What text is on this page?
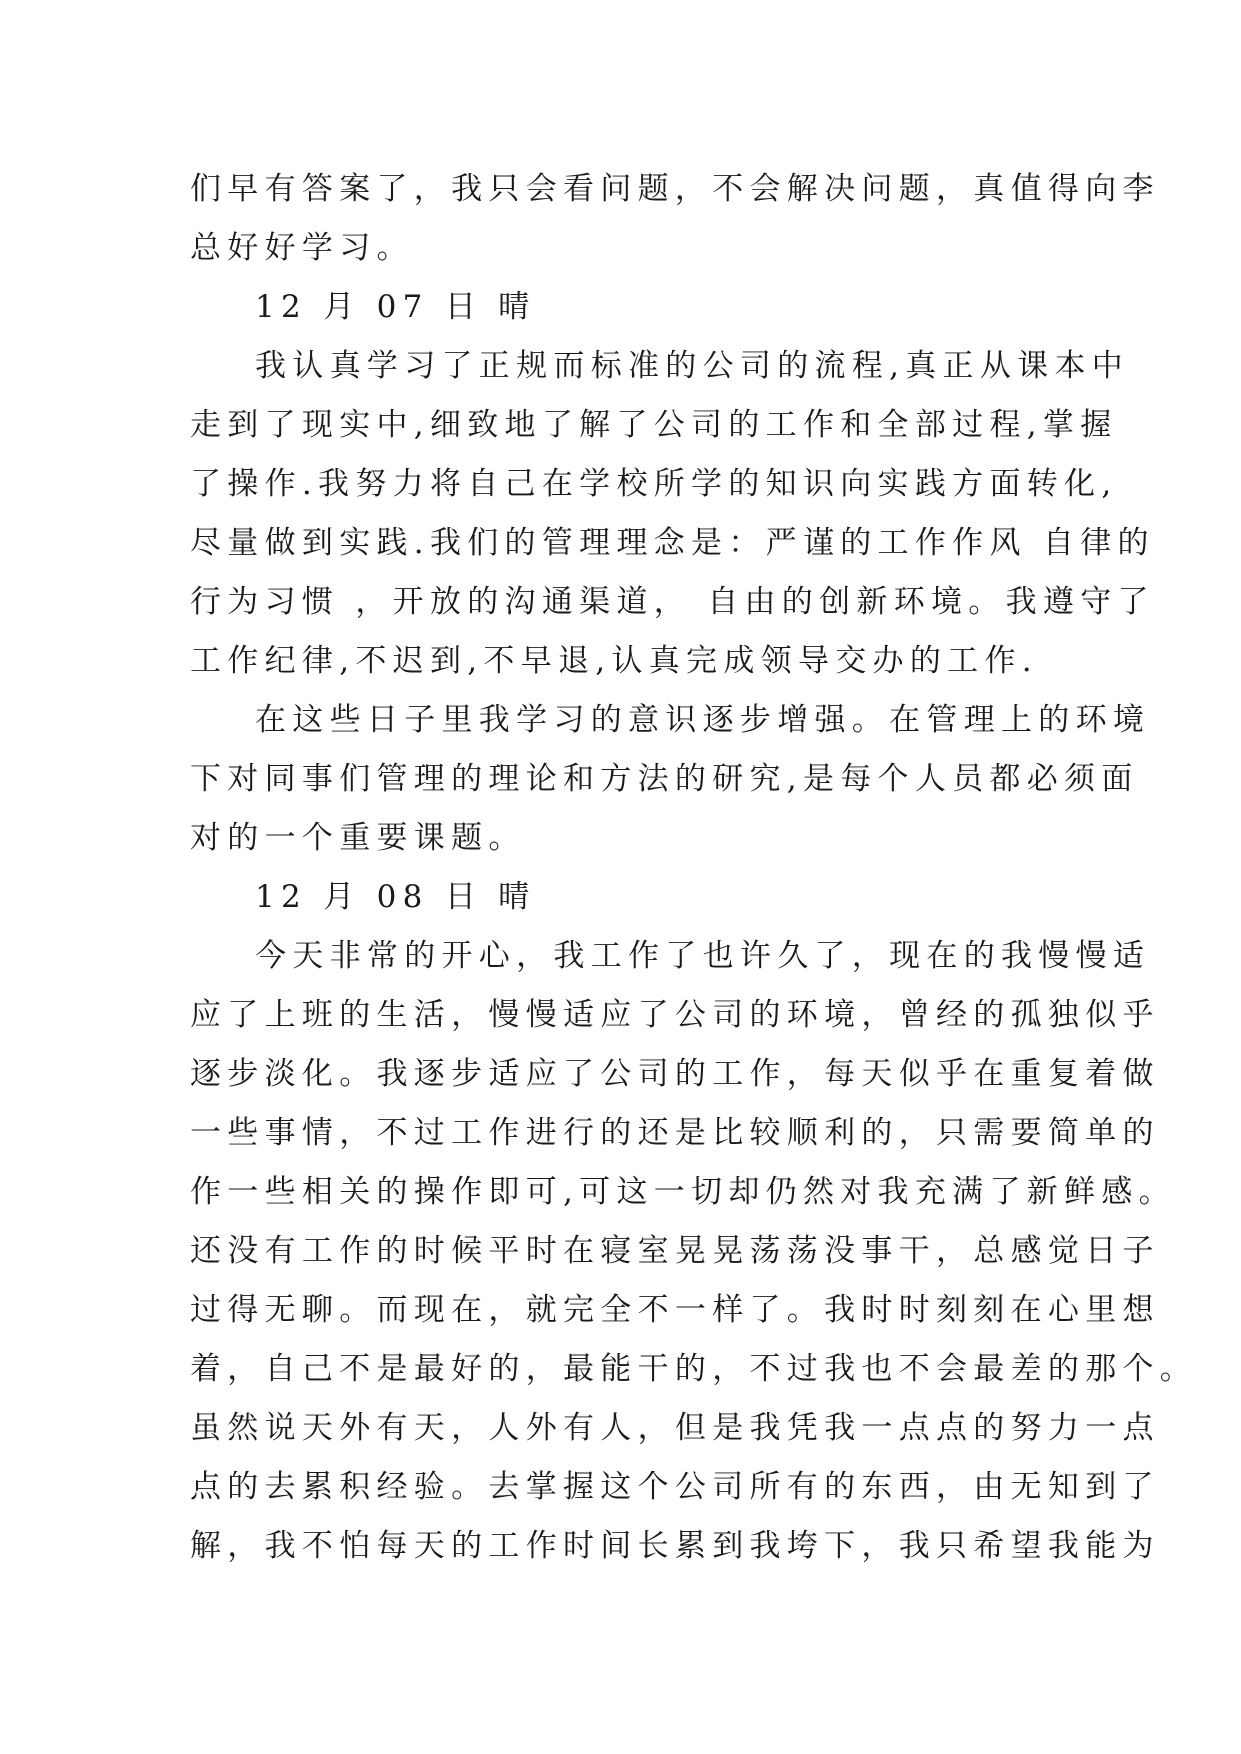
们早有答案了，我只会看问题，不会解决问题，真值得向李
总好好学习。
12 月 07 日 晴
我认真学习了正规而标准的公司的流程,真正从课本中
走到了现实中,细致地了解了公司的工作和全部过程,掌握
了操作.我努力将自己在学校所学的知识向实践方面转化,
尽量做到实践.我们的管理理念是：严谨的工作作风 自律的
行为习惯 ，开放的沟通渠道， 自由的创新环境。我遵守了
工作纪律,不迟到,不早退,认真完成领导交办的工作.
在这些日子里我学习的意识逐步增强。在管理上的环境
下对同事们管理的理论和方法的研究,是每个人员都必须面
对的一个重要课题。
12 月 08 日 晴
今天非常的开心，我工作了也许久了，现在的我慢慢适
应了上班的生活，慢慢适应了公司的环境，曾经的孤独似乎
逐步淡化。我逐步适应了公司的工作，每天似乎在重复着做
一些事情，不过工作进行的还是比较顺利的，只需要简单的
作一些相关的操作即可,可这一切却仍然对我充满了新鲜感。
还没有工作的时候平时在寝室晃晃荡荡没事干，总感觉日子
过得无聊。而现在，就完全不一样了。我时时刻刻在心里想
着，自己不是最好的，最能干的，不过我也不会最差的那个。
虽然说天外有天，人外有人，但是我凭我一点点的努力一点
点的去累积经验。去掌握这个公司所有的东西，由无知到了
解，我不怕每天的工作时间长累到我垮下，我只希望我能为
